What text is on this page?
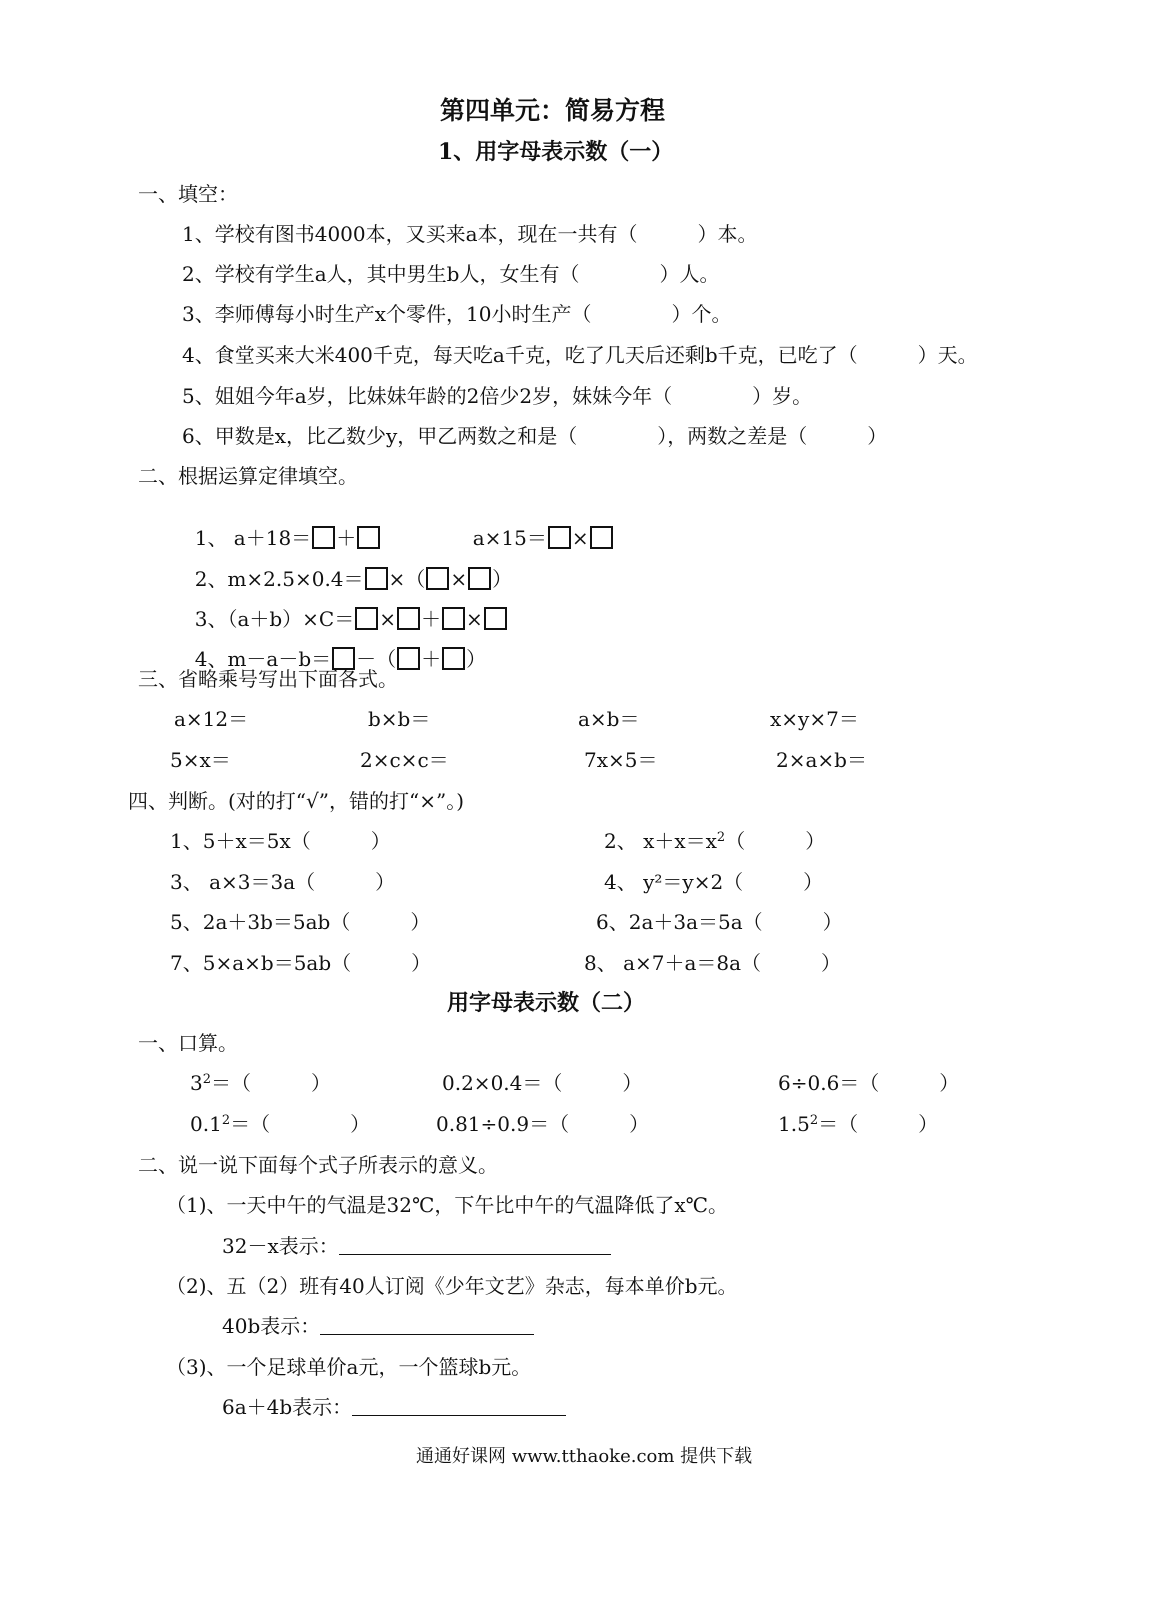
第四单元：简易方程
1、用字母表示数（一）
一、填空：
1、学校有图书4000本，又买来a本，现在一共有（　　　）本。
2、学校有学生a人，其中男生b人，女生有（　　　　）人。
3、李师傅每小时生产x个零件，10小时生产（　　　　）个。
4、食堂买来大米400千克，每天吃a千克，吃了几天后还剩b千克，已吃了（　　　）天。
5、姐姐今年a岁，比妹妹年龄的2倍少2岁，妹妹今年（　　　　）岁。
6、甲数是x，比乙数少y，甲乙两数之和是（　　　　），两数之差是（　　　）
二、根据运算定律填空。

1、 a＋18＝ ＋	a×15＝ ×

2、m×2.5×0.4＝ ×（ × ）

3、（a＋b）×C＝ × ＋ ×

4、m－a－b＝ －（ ＋ ）

三、省略乘号写出下面各式。
a×12＝	b×b＝	a×b＝	x×y×7＝
5×x＝	2×c×c＝	7x×5＝	2×a×b＝
四、判断。(对的打“√”，错的打“×”。)
1、5＋x＝5x（　　　）	2、 $x+x=x^2$（　　　）
3、 a×3＝3a（　　　）	4、 y²＝y×2（　　　）
5、2a＋3b＝5ab（　　　）	6、2a＋3a＝5a（　　　）
7、5×a×b＝5ab（　　　）	8、 a×7＋a＝8a（　　　）
用字母表示数（二）
一、口算。
$3^2=$（　　　）	0.2×0.4＝（　　　）	6÷0.6＝（　　　）
$0.1^2=$（　　　　）	0.81÷0.9＝（　　　）	$1.5^2=$（　　　）
二、说一说下面每个式子所表示的意义。
（1)、一天中午的气温是32℃，下午比中午的气温降低了x℃。
32－x表示：
（2)、五（2）班有40人订阅《少年文艺》杂志，每本单价b元。
40b表示：
（3)、一个足球单价a元，一个篮球b元。
6a＋4b表示：
通通好课网 www.tthaoke.com 提供下载
